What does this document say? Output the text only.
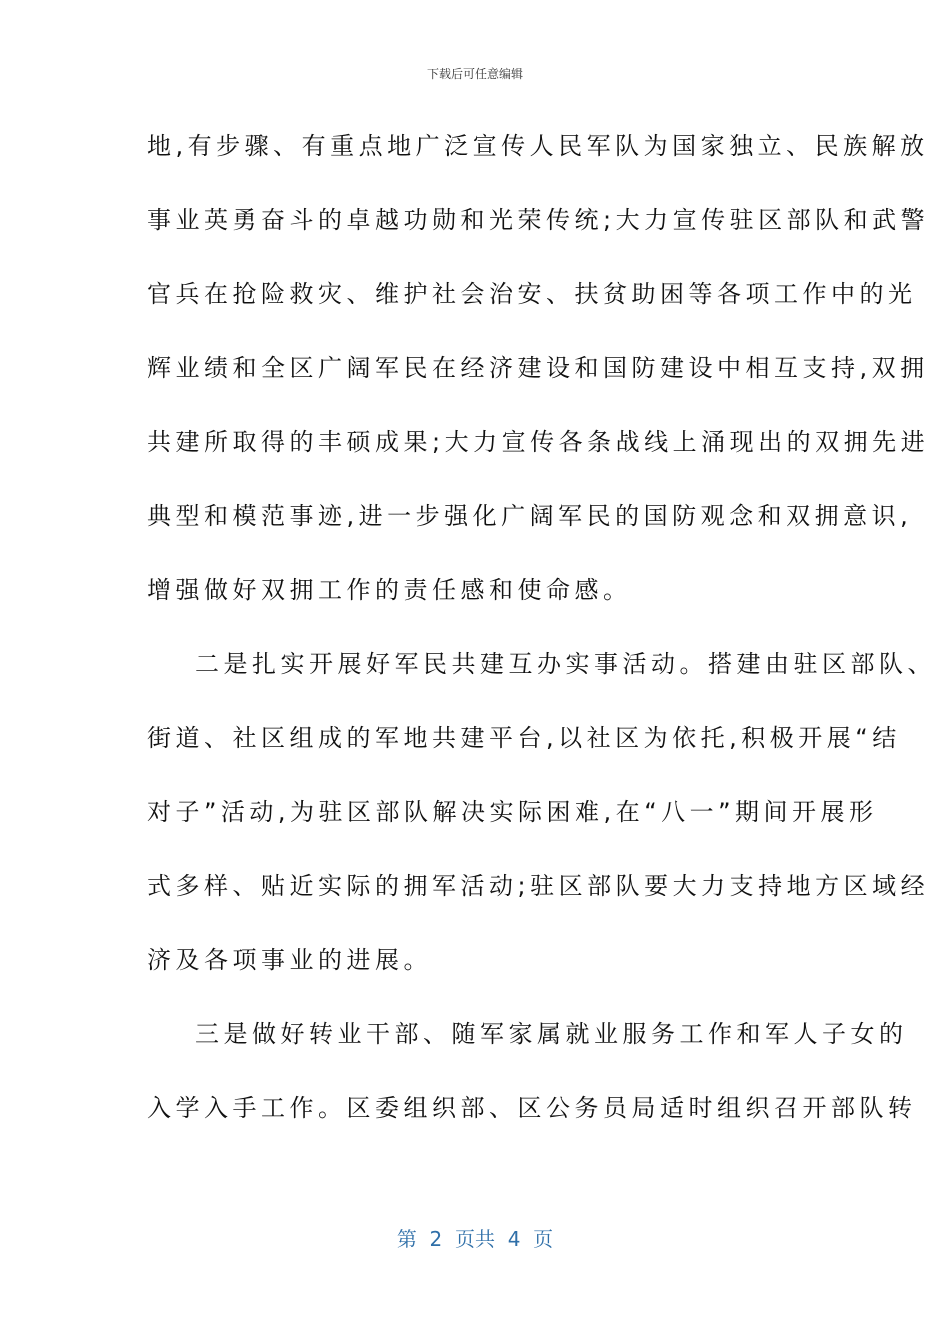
下载后可任意编辑
地,有步骤、有重点地广泛宣传人民军队为国家独立、民族解放
事业英勇奋斗的卓越功勋和光荣传统;大力宣传驻区部队和武警
官兵在抢险救灾、维护社会治安、扶贫助困等各项工作中的光
辉业绩和全区广阔军民在经济建设和国防建设中相互支持,双拥
共建所取得的丰硕成果;大力宣传各条战线上涌现出的双拥先进
典型和模范事迹,进一步强化广阔军民的国防观念和双拥意识,
增强做好双拥工作的责任感和使命感。
二是扎实开展好军民共建互办实事活动。搭建由驻区部队、
街道、社区组成的军地共建平台,以社区为依托,积极开展“结
对子”活动,为驻区部队解决实际困难,在“八一”期间开展形
式多样、贴近实际的拥军活动;驻区部队要大力支持地方区域经
济及各项事业的进展。
三是做好转业干部、随军家属就业服务工作和军人子女的
入学入手工作。区委组织部、区公务员局适时组织召开部队转
第  2  页共  4  页
